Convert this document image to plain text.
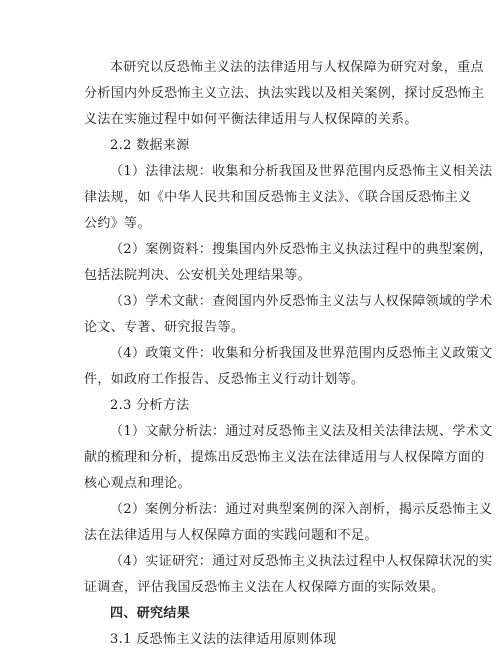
本研究以反恐怖主义法的法律适用与人权保障为研究对象，重点
分析国内外反恐怖主义立法、执法实践以及相关案例，探讨反恐怖主
义法在实施过程中如何平衡法律适用与人权保障的关系。
2.2 数据来源
（1）法律法规：收集和分析我国及世界范围内反恐怖主义相关法
律法规，如《中华人民共和国反恐怖主义法》、《联合国反恐怖主义
公约》等。
（2）案例资料：搜集国内外反恐怖主义执法过程中的典型案例，
包括法院判决、公安机关处理结果等。
（3）学术文献：查阅国内外反恐怖主义法与人权保障领域的学术
论文、专著、研究报告等。
（4）政策文件：收集和分析我国及世界范围内反恐怖主义政策文
件，如政府工作报告、反恐怖主义行动计划等。
2.3 分析方法
（1）文献分析法：通过对反恐怖主义法及相关法律法规、学术文
献的梳理和分析，提炼出反恐怖主义法在法律适用与人权保障方面的
核心观点和理论。
（2）案例分析法：通过对典型案例的深入剖析，揭示反恐怖主义
法在法律适用与人权保障方面的实践问题和不足。
（4）实证研究：通过对反恐怖主义执法过程中人权保障状况的实
证调查，评估我国反恐怖主义法在人权保障方面的实际效果。
四、研究结果
3.1 反恐怖主义法的法律适用原则体现
